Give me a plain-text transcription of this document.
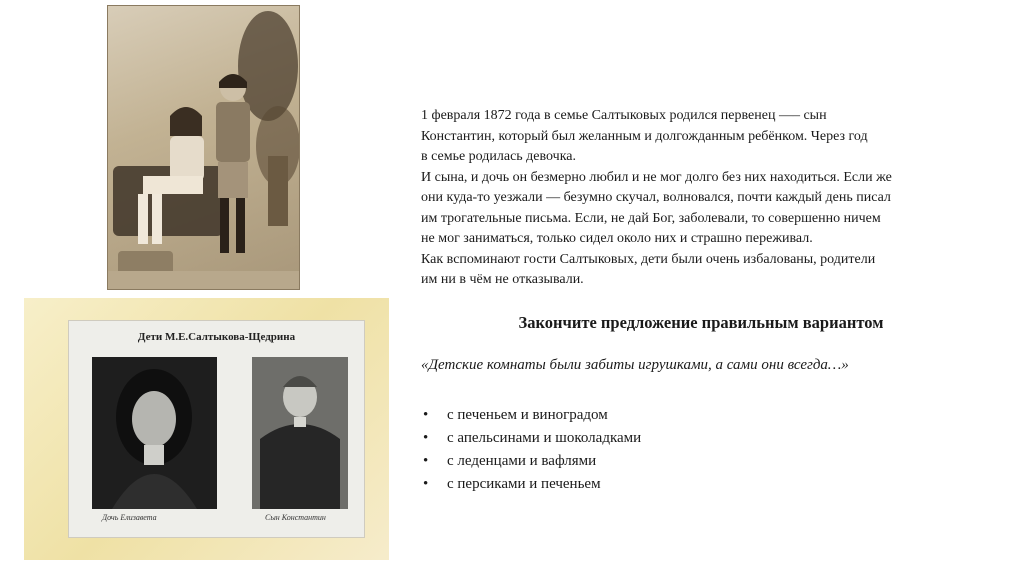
Дети М.Е.Салтыкова-Щедрина
Дочь Елизавета	Сын Константин

1 февраля 1872 года в семье Салтыковых родился первенец —– сын

Константин, который был желанным и долгожданным ребёнком. Через год

в семье родилась девочка.

И сына, и дочь он безмерно любил и не мог долго без них находиться. Если же

они куда-то уезжали — безумно скучал, волновался, почти каждый день писал

им трогательные письма. Если, не дай Бог, заболевали, то совершенно ничем

не мог заниматься, только сидел около них и страшно переживал.

Как вспоминают гости Салтыковых, дети были очень избалованы, родители

им ни в чём не отказывали.

Закончите предложение правильным вариантом
«Детские комнаты были забиты игрушками, а сами они всегда…»
• с печеньем и виноградом
• с апельсинами и шоколадками
• с леденцами и вафлями
• с персиками и печеньем
